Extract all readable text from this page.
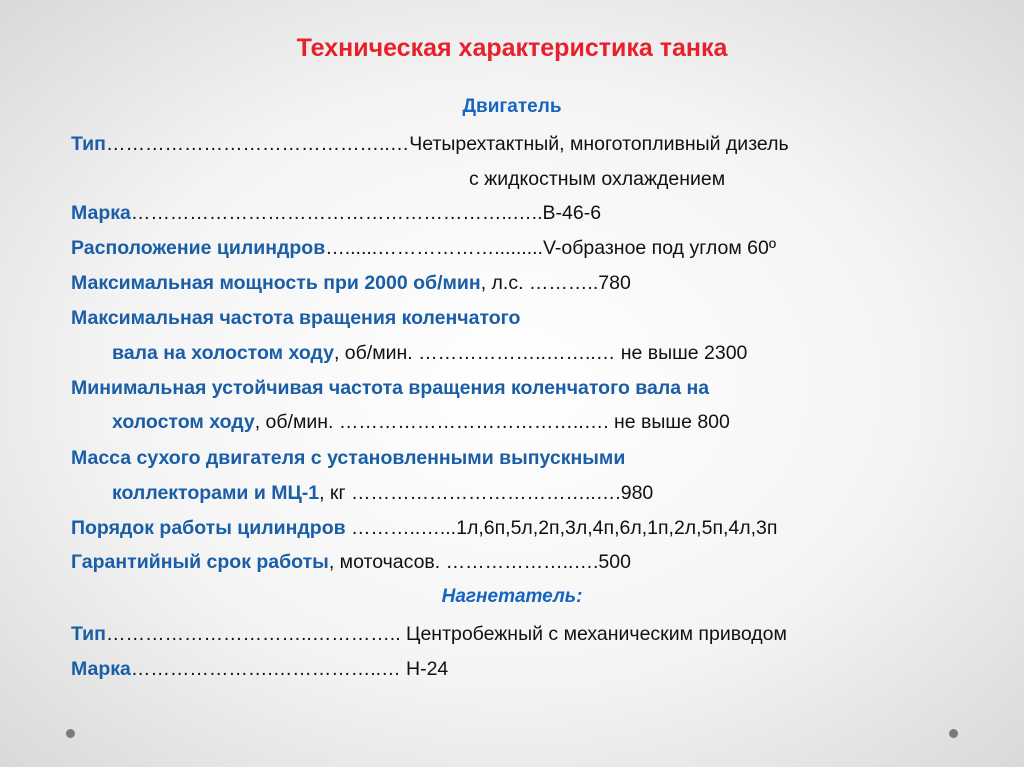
Техническая характеристика танка
Двигатель
Тип……………………………………..…Четырехтактный, многотопливный дизель
с жидкостным охлаждением
Марка…………………………………………………..…..В-46-6
Расположение цилиндров…......……………….........V-образное под углом 60º
Максимальная мощность при 2000 об/мин, л.с. ………..780
Максимальная частота вращения коленчатого
вала на холостом ходу, об/мин. ………………..……..… не выше 2300
Минимальная устойчивая частота вращения коленчатого вала на
холостом ходу, об/мин. ………………………………..…. не выше 800
Масса сухого двигателя с установленными выпускными
коллекторами и МЦ-1, кг ………………………………..….980
Порядок работы цилиндров ………..…...1л,6п,5л,2п,3л,4п,6л,1п,2л,5п,4л,3п
Гарантийный срок работы, моточасов. ………………..….500
Нагнетатель:
Тип…………………………..………….. Центробежный с механическим приводом
Марка………………….……………..… Н-24
